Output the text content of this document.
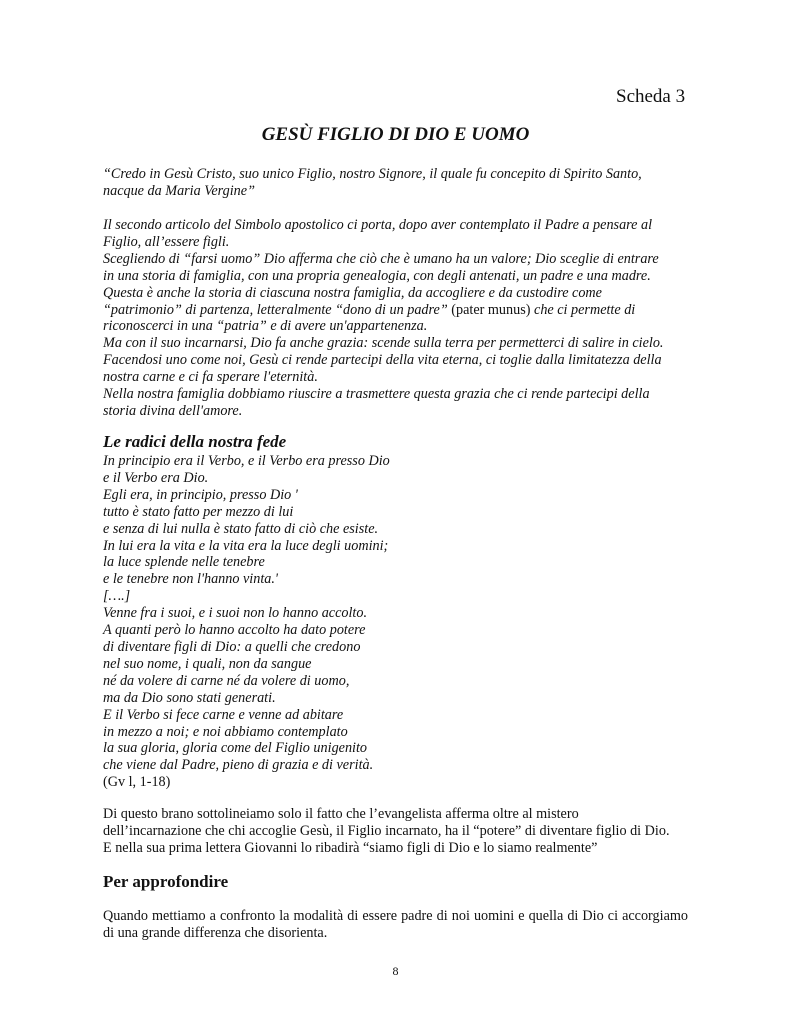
Scheda 3
GESÙ FIGLIO DI DIO E UOMO
“Credo in Gesù Cristo, suo unico Figlio, nostro Signore, il quale fu concepito di Spirito Santo,
nacque da Maria Vergine”
Il secondo articolo del Simbolo apostolico ci porta, dopo aver contemplato il Padre a pensare al
Figlio, all’essere figli.
Scegliendo di “farsi uomo” Dio afferma che ciò che è umano ha un valore; Dio sceglie di entrare
in una storia di famiglia, con una propria genealogia, con degli antenati, un padre e una madre.
Questa è anche la storia di ciascuna nostra famiglia, da accogliere e da custodire come
“patrimonio” di partenza, letteralmente “dono di un padre” (pater munus) che ci permette di
riconoscerci in una “patria” e di avere un'appartenenza.
Ma con il suo incarnarsi, Dio fa anche grazia: scende sulla terra per permetterci di salire in cielo.
Facendosi uno come noi, Gesù ci rende partecipi della vita eterna, ci toglie dalla limitatezza della
nostra carne e ci fa sperare l'eternità.
Nella nostra famiglia dobbiamo riuscire a trasmettere questa grazia che ci rende partecipi della
storia divina dell'amore.
Le radici della nostra fede
In principio era il Verbo, e il Verbo era presso Dio
e il Verbo era Dio.
Egli era, in principio, presso Dio '
tutto è stato fatto per mezzo di lui
e senza di lui nulla è stato fatto di ciò che esiste.
In lui era la vita e la vita era la luce degli uomini;
la luce splende nelle tenebre
e le tenebre non l'hanno vinta.'
[….]
Venne fra i suoi, e i suoi non lo hanno accolto.
A quanti però lo hanno accolto ha dato potere
di diventare figli di Dio: a quelli che credono
nel suo nome, i quali, non da sangue
né da volere di carne né da volere di uomo,
ma da Dio sono stati generati.
E il Verbo si fece carne e venne ad abitare
in mezzo a noi; e noi abbiamo contemplato
la sua gloria, gloria come del Figlio unigenito
che viene dal Padre, pieno di grazia e di verità.
(Gv l, 1-18)
Di questo brano sottolineiamo solo il fatto che l’evangelista afferma oltre al mistero
dell’incarnazione che chi accoglie Gesù, il Figlio incarnato, ha il “potere” di diventare figlio di Dio.
E nella sua prima lettera Giovanni lo ribadirà “siamo figli di Dio e lo siamo realmente”
Per approfondire
Quando mettiamo a confronto la modalità di essere padre di noi uomini e quella di Dio ci accorgiamo di una grande differenza che disorienta.
8
